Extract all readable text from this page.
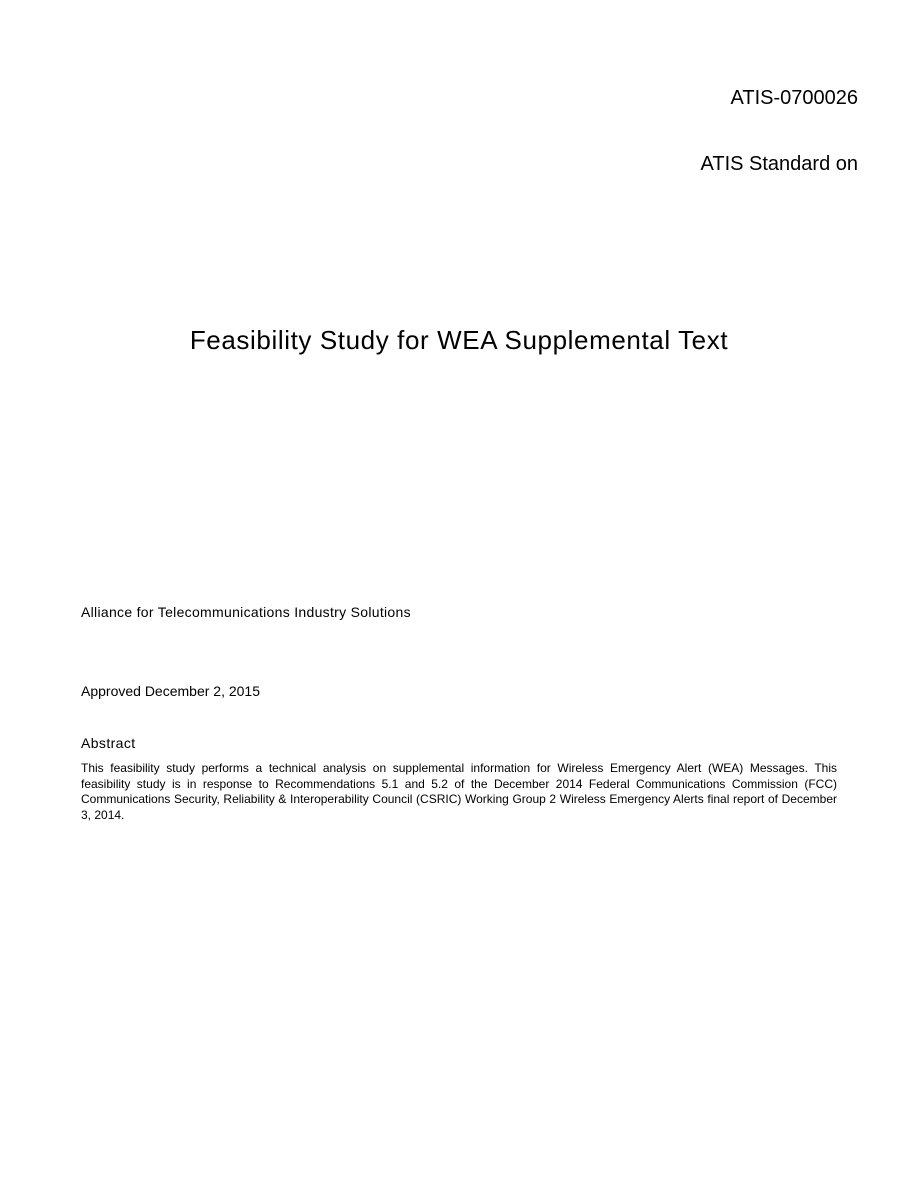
ATIS-0700026
ATIS Standard on
Feasibility Study for WEA Supplemental Text
Alliance for Telecommunications Industry Solutions
Approved December 2, 2015
Abstract
This feasibility study performs a technical analysis on supplemental information for Wireless Emergency Alert (WEA) Messages. This feasibility study is in response to Recommendations 5.1 and 5.2 of the December 2014 Federal Communications Commission (FCC) Communications Security, Reliability & Interoperability Council (CSRIC) Working Group 2 Wireless Emergency Alerts final report of December 3, 2014.
